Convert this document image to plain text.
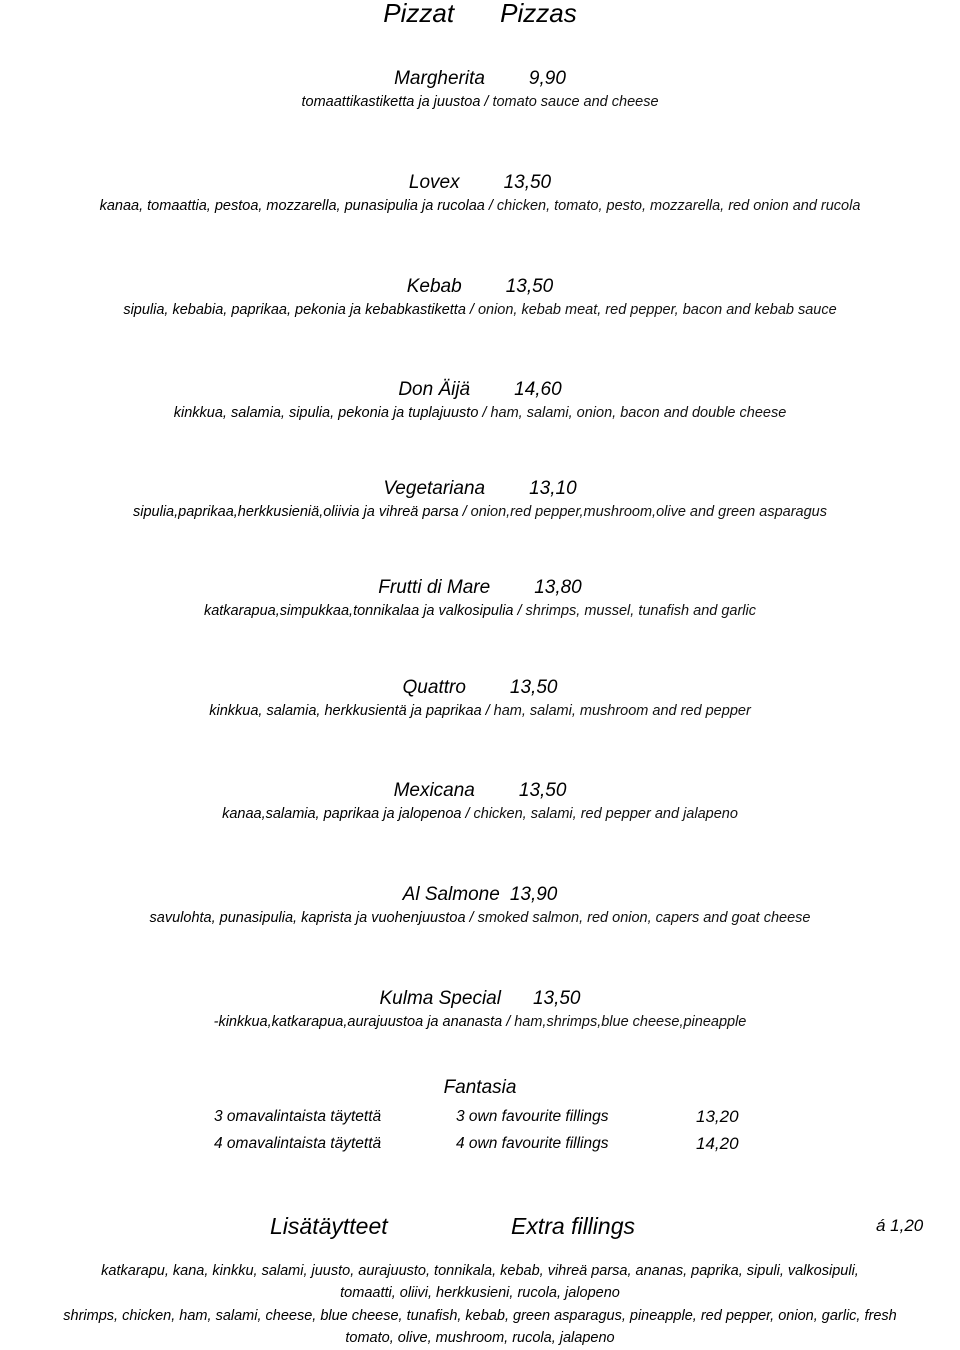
Pizzat Pizzas
Margherita 9,90
tomaattikastiketta ja juustoa / tomato sauce and cheese
Lovex 13,50
kanaa, tomaattia, pestoa, mozzarella, punasipulia ja rucolaa / chicken, tomato, pesto, mozzarella, red onion and rucola
Kebab 13,50
sipulia, kebabia, paprikaa, pekonia ja kebabkastiketta / onion, kebab meat, red pepper, bacon and kebab sauce
Don Äijä 14,60
kinkkua, salamia, sipulia, pekonia ja tuplajuusto / ham, salami, onion, bacon and double cheese
Vegetariana 13,10
sipulia,paprikaa,herkkusieniä,oliivia ja vihreä parsa / onion,red pepper,mushroom,olive and green asparagus
Frutti di Mare 13,80
katkarapua,simpukkaa,tonnikalaa ja valkosipulia / shrimps, mussel, tunafish and garlic
Quattro 13,50
kinkkua, salamia, herkkusientä ja paprikaa / ham, salami, mushroom and red pepper
Mexicana 13,50
kanaa,salamia, paprikaa ja jalopenoa / chicken, salami, red pepper and jalapeno
Al Salmone 13,90
savulohta, punasipulia, kaprista ja vuohenjuustoa / smoked salmon, red onion, capers and goat cheese
Kulma Special 13,50
-kinkkua,katkarapua,aurajuustoa ja ananasta / ham,shrimps,blue cheese,pineapple
Fantasia
3 omavalintaista täytettä	3 own favourite fillings	13,20
4 omavalintaista täytettä	4 own favourite fillings	14,20
Lisätäytteet	Extra fillings	á 1,20
katkarapu, kana, kinkku, salami, juusto, aurajuusto, tonnikala, kebab, vihreä parsa, ananas, paprika, sipuli, valkosipuli,
tomaatti, oliivi, herkkusieni, rucola, jalopeno
shrimps, chicken, ham, salami, cheese, blue cheese, tunafish, kebab, green asparagus, pineapple, red pepper, onion, garlic, fresh
tomato, olive, mushroom, rucola, jalapeno
